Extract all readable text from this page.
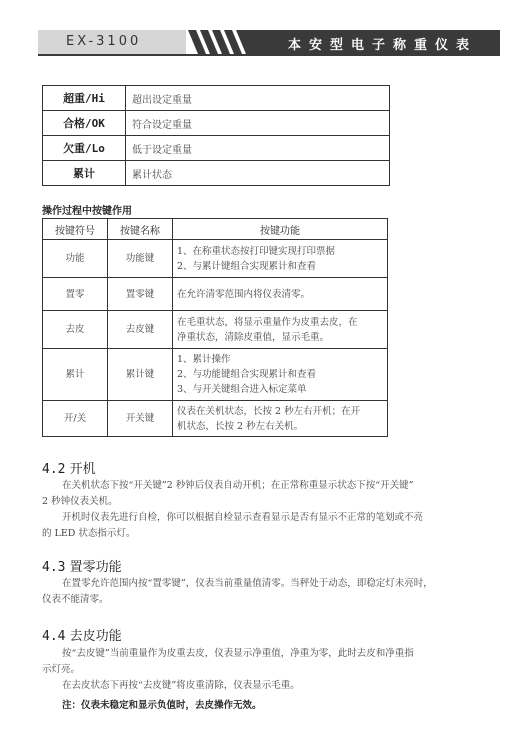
EX-3100	本安型电子称重仪表
超重/Hi	超出设定重量
合格/OK	符合设定重量
欠重/Lo	低于设定重量
累计	累计状态
操作过程中按键作用
按键符号	按键名称	按键功能
功能	功能键	1、在称重状态按打印键实现打印票据
2、与累计键组合实现累计和查看

置零	置零键	在允许清零范围内将仪表清零。

去皮	去皮键	在毛重状态，将显示重量作为皮重去皮，在
净重状态，清除皮重值，显示毛重。

累计	累计键	1、累计操作
2、与功能键组合实现累计和查看
3、与开关键组合进入标定菜单

开/关	开关键	仪表在关机状态，长按 2 秒左右开机；在开
机状态，长按 2 秒左右关机。
4.2 开机
在关机状态下按“开关键”2 秒钟后仪表自动开机；在正常称重显示状态下按“开关键”
2 秒钟仪表关机。
开机时仪表先进行自检，你可以根据自检显示查看显示是否有显示不正常的笔划或不亮
的 LED 状态指示灯。
4.3 置零功能
在置零允许范围内按“置零键”，仪表当前重量值清零。当秤处于动态，即稳定灯未亮时，
仪表不能清零。
4.4 去皮功能
按“去皮键”当前重量作为皮重去皮，仪表显示净重值，净重为零，此时去皮和净重指
示灯亮。
在去皮状态下再按“去皮键”将皮重清除，仪表显示毛重。
注：仪表未稳定和显示负值时，去皮操作无效。
